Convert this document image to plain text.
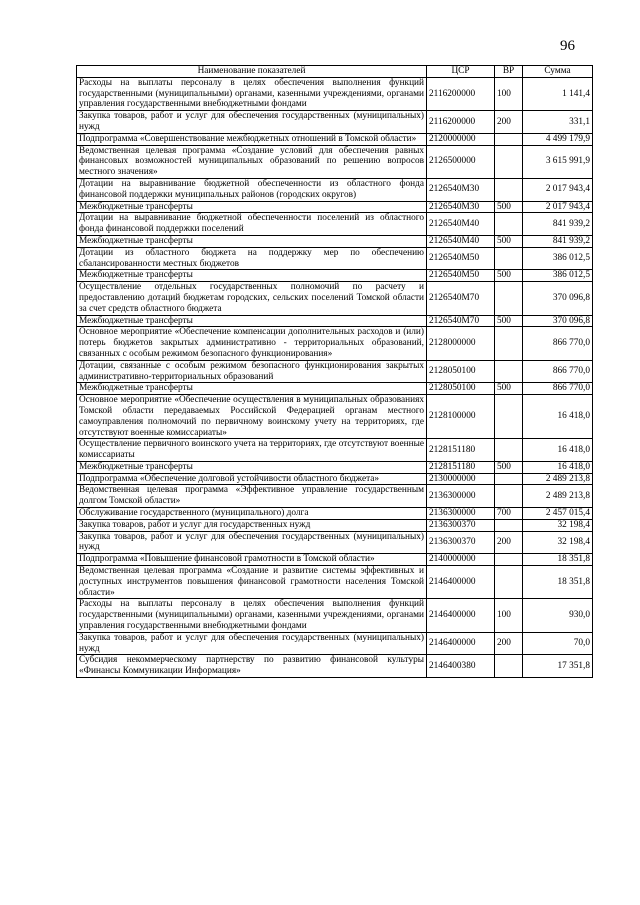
96
Наименование показателей	ЦСР	ВР	Сумма
Расходы на выплаты персоналу в целях обеспечения выполнения функций государственными (муниципальными) органами, казенными учреждениями, органами управления государственными внебюджетными фондами	2116200000	100	1 141,4
Закупка товаров, работ и услуг для обеспечения государственных (муниципальных) нужд	2116200000	200	331,1
Подпрограмма «Совершенствование межбюджетных отношений в Томской области»	2120000000		4 499 179,9
Ведомственная целевая программа «Создание условий для обеспечения равных финансовых возможностей муниципальных образований по решению вопросов местного значения»	2126500000		3 615 991,9
Дотации на выравнивание бюджетной обеспеченности из областного фонда финансовой поддержки муниципальных районов (городских округов)	2126540М30		2 017 943,4
Межбюджетные трансферты	2126540М30	500	2 017 943,4
Дотации на выравнивание бюджетной обеспеченности поселений из областного фонда финансовой поддержки поселений	2126540М40		841 939,2
Межбюджетные трансферты	2126540М40	500	841 939,2
Дотации из областного бюджета на поддержку мер по обеспечению сбалансированности местных бюджетов	2126540М50		386 012,5
Межбюджетные трансферты	2126540М50	500	386 012,5
Осуществление отдельных государственных полномочий по расчету и предоставлению дотаций бюджетам городских, сельских поселений Томской области за счет средств областного бюджета	2126540М70		370 096,8
Межбюджетные трансферты	2126540М70	500	370 096,8
Основное мероприятие «Обеспечение компенсации дополнительных расходов и (или) потерь бюджетов закрытых административно - территориальных образований, связанных с особым режимом безопасного функционирования»	2128000000		866 770,0
Дотации, связанные с особым режимом безопасного функционирования закрытых административно-территориальных образований	2128050100		866 770,0
Межбюджетные трансферты	2128050100	500	866 770,0
Основное мероприятие «Обеспечение осуществления в муниципальных образованиях Томской области передаваемых Российской Федерацией органам местного самоуправления полномочий по первичному воинскому учету на территориях, где отсутствуют военные комиссариаты»	2128100000		16 418,0
Осуществление первичного воинского учета на территориях, где отсутствуют военные комиссариаты	2128151180		16 418,0
Межбюджетные трансферты	2128151180	500	16 418,0
Подпрограмма «Обеспечение долговой устойчивости областного бюджета»	2130000000		2 489 213,8
Ведомственная целевая программа «Эффективное управление государственным долгом Томской области»	2136300000		2 489 213,8
Обслуживание государственного (муниципального) долга	2136300000	700	2 457 015,4
Закупка товаров, работ и услуг для государственных нужд	2136300370		32 198,4
Закупка товаров, работ и услуг для обеспечения государственных (муниципальных) нужд	2136300370	200	32 198,4
Подпрограмма «Повышение финансовой грамотности в Томской области»	2140000000		18 351,8
Ведомственная целевая программа «Создание и развитие системы эффективных и доступных инструментов повышения финансовой грамотности населения Томской области»	2146400000		18 351,8
Расходы на выплаты персоналу в целях обеспечения выполнения функций государственными (муниципальными) органами, казенными учреждениями, органами управления государственными внебюджетными фондами	2146400000	100	930,0
Закупка товаров, работ и услуг для обеспечения государственных (муниципальных) нужд	2146400000	200	70,0
Субсидия некоммерческому партнерству по развитию финансовой культуры «Финансы Коммуникации Информация»	2146400380		17 351,8
